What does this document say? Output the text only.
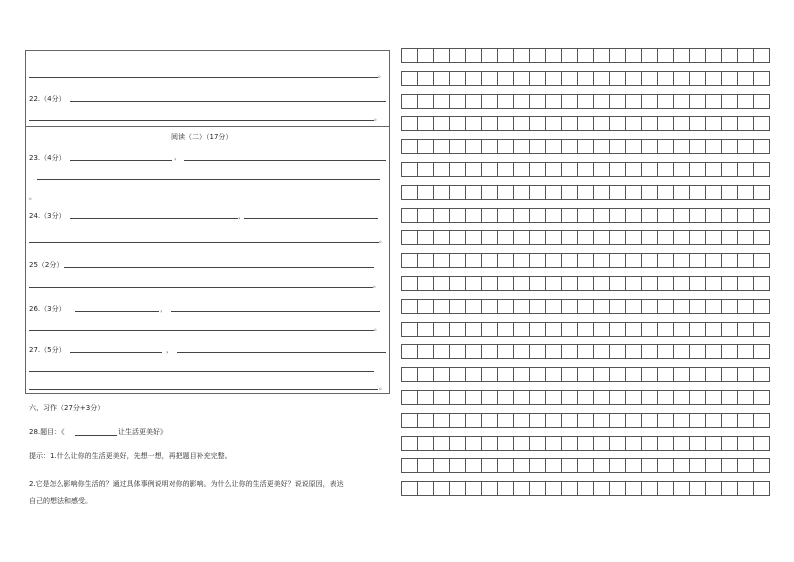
。
22.（4分）
。
阅读（二）（17分）
23.（4分）	，
。
24.（3分）	，
。
25（2分）
。
26.（3分）	，
。
27.（5分）	，
。
六、习作（27分+3分）
28.题目：《	让生活更美好》
提示：1.什么让你的生活更美好，先想一想，再把题目补充完整。
2.它是怎么影响你生活的？通过具体事例说明对你的影响。为什么让你的生活更美好？说说原因，表达
自己的想法和感受。
